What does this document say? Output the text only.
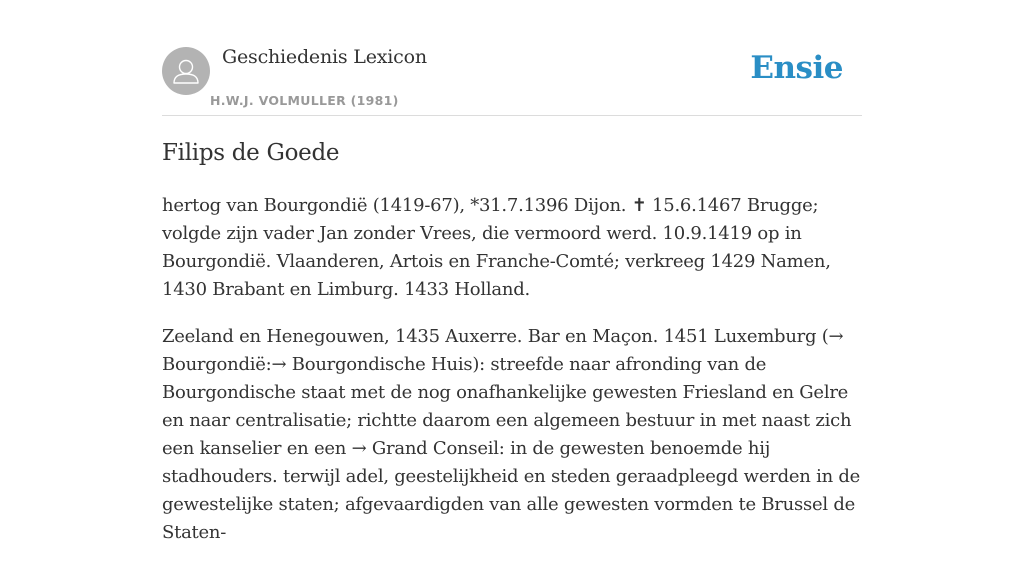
Geschiedenis Lexicon
H.W.J. VOLMULLER (1981)
Ensie
Filips de Goede

hertog van Bourgondië (1419-67), *31.7.1396 Dijon. ✝ 15.6.1467 Brugge; volgde zijn vader Jan zonder Vrees, die vermoord werd. 10.9.1419 op in Bourgondië. Vlaanderen, Artois en Franche-Comté; verkreeg 1429 Namen, 1430 Brabant en Limburg. 1433 Holland.

Zeeland en Henegouwen, 1435 Auxerre. Bar en Maçon. 1451 Luxemburg (→ Bourgondië:→ Bourgondische Huis): streefde naar afronding van de Bourgondische staat met de nog onafhankelijke gewesten Friesland en Gelre en naar centralisatie; richtte daarom een algemeen bestuur in met naast zich een kanselier en een → Grand Conseil: in de gewesten benoemde hij stadhouders. terwijl adel, geestelijkheid en steden geraadpleegd werden in de gewestelijke staten; afgevaardigden van alle gewesten vormden te Brussel de Staten-
